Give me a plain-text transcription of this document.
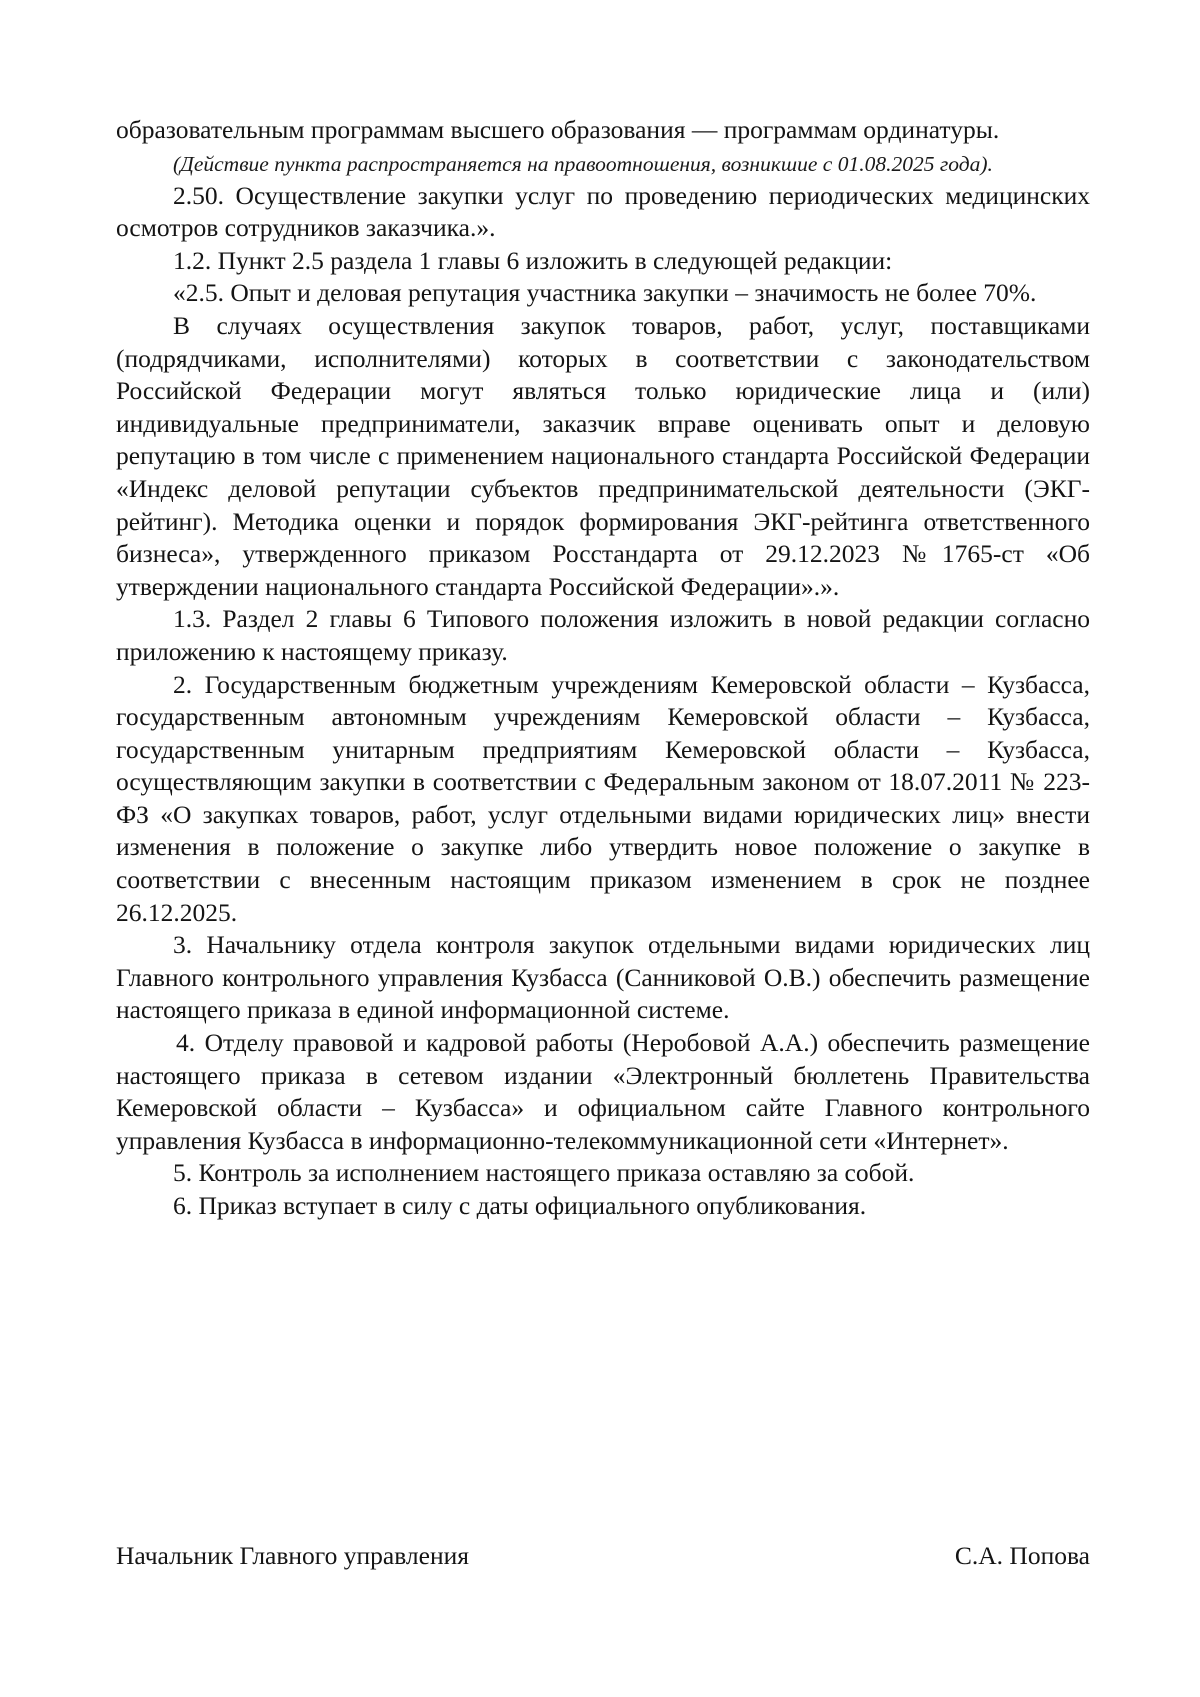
образовательным программам высшего образования — программам ординатуры.

(Действие пункта распространяется на правоотношения, возникшие с 01.08.2025 года).

2.50. Осуществление закупки услуг по проведению периодических медицинских осмотров сотрудников заказчика.».

1.2. Пункт 2.5 раздела 1 главы 6 изложить в следующей редакции:

«2.5. Опыт и деловая репутация участника закупки – значимость не более 70%.

В случаях осуществления закупок товаров, работ, услуг, поставщиками (подрядчиками, исполнителями) которых в соответствии с законодательством Российской Федерации могут являться только юридические лица и (или) индивидуальные предприниматели, заказчик вправе оценивать опыт и деловую репутацию в том числе с применением национального стандарта Российской Федерации «Индекс деловой репутации субъектов предпринимательской деятельности (ЭКГ-рейтинг). Методика оценки и порядок формирования ЭКГ-рейтинга ответственного бизнеса», утвержденного приказом Росстандарта от 29.12.2023 №1765-ст «Об утверждении национального стандарта Российской Федерации».».

1.3. Раздел 2 главы 6 Типового положения изложить в новой редакции согласно приложению к настоящему приказу.

2. Государственным бюджетным учреждениям Кемеровской области – Кузбасса, государственным автономным учреждениям Кемеровской области – Кузбасса, государственным унитарным предприятиям Кемеровской области – Кузбасса, осуществляющим закупки в соответствии с Федеральным законом от 18.07.2011 № 223-ФЗ «О закупках товаров, работ, услуг отдельными видами юридических лиц» внести изменения в положение о закупке либо утвердить новое положение о закупке в соответствии с внесенным настоящим приказом изменением в срок не позднее 26.12.2025.

3. Начальнику отдела контроля закупок отдельными видами юридических лиц Главного контрольного управления Кузбасса (Санниковой О.В.) обеспечить размещение настоящего приказа в единой информационной системе.

4. Отделу правовой и кадровой работы (Неробовой А.А.) обеспечить размещение настоящего приказа в сетевом издании «Электронный бюллетень Правительства Кемеровской области – Кузбасса» и официальном сайте Главного контрольного управления Кузбасса в информационно-телекоммуникационной сети «Интернет».

5. Контроль за исполнением настоящего приказа оставляю за собой.

6. Приказ вступает в силу с даты официального опубликования.

Начальник Главного управления	С.А. Попова
